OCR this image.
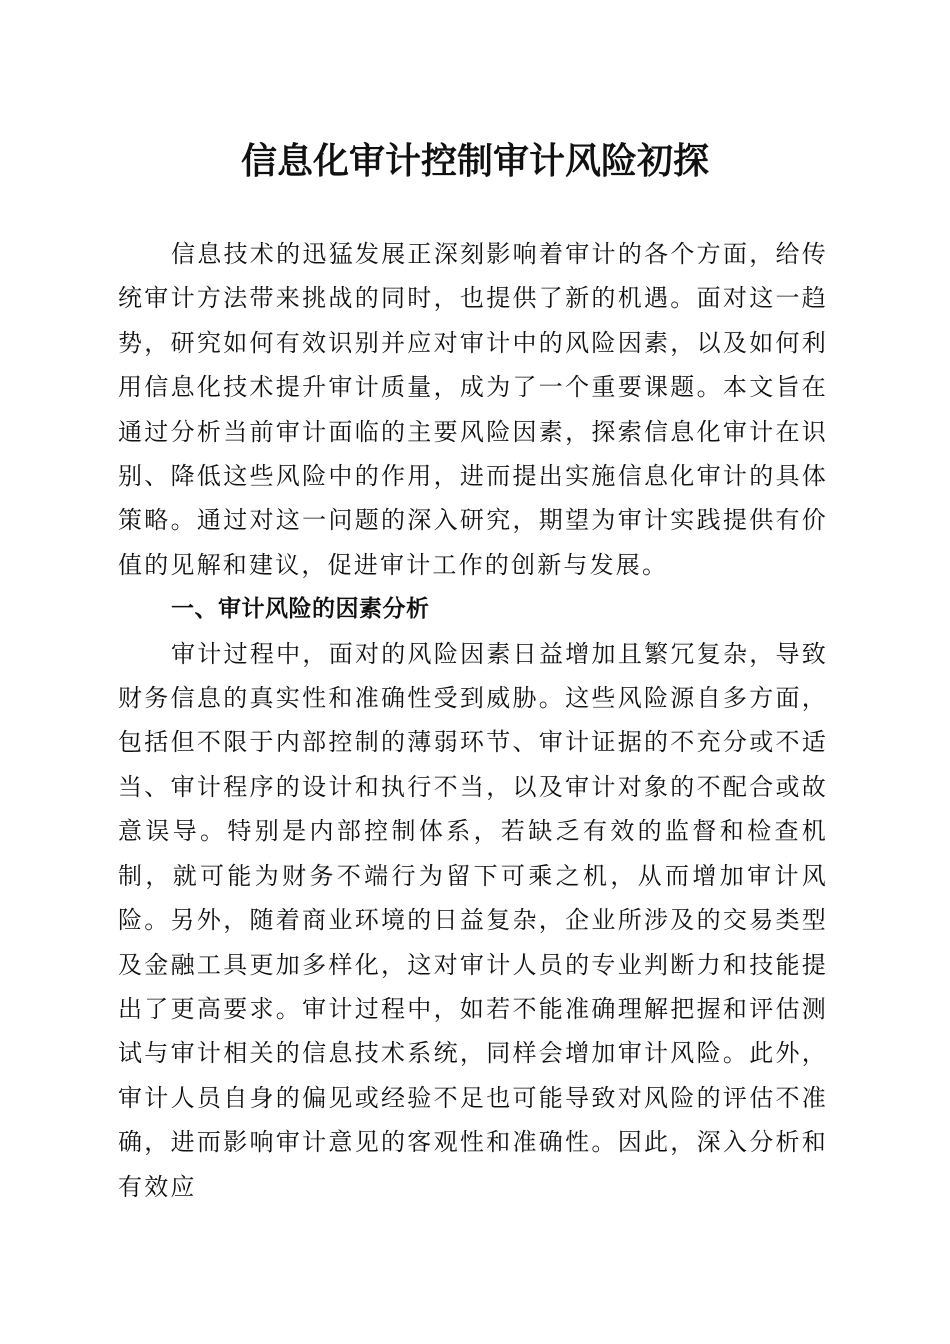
信息化审计控制审计风险初探

信息技术的迅猛发展正深刻影响着审计的各个方面，给传统审计方法带来挑战的同时，也提供了新的机遇。面对这一趋势，研究如何有效识别并应对审计中的风险因素，以及如何利用信息化技术提升审计质量，成为了一个重要课题。本文旨在通过分析当前审计面临的主要风险因素，探索信息化审计在识别、降低这些风险中的作用，进而提出实施信息化审计的具体策略。通过对这一问题的深入研究，期望为审计实践提供有价值的见解和建议，促进审计工作的创新与发展。

一、审计风险的因素分析

审计过程中，面对的风险因素日益增加且繁冗复杂，导致财务信息的真实性和准确性受到威胁。这些风险源自多方面，包括但不限于内部控制的薄弱环节、审计证据的不充分或不适当、审计程序的设计和执行不当，以及审计对象的不配合或故意误导。特别是内部控制体系，若缺乏有效的监督和检查机制，就可能为财务不端行为留下可乘之机，从而增加审计风险。另外，随着商业环境的日益复杂，企业所涉及的交易类型及金融工具更加多样化，这对审计人员的专业判断力和技能提出了更高要求。审计过程中，如若不能准确理解把握和评估测试与审计相关的信息技术系统，同样会增加审计风险。此外，审计人员自身的偏见或经验不足也可能导致对风险的评估不准确，进而影响审计意见的客观性和准确性。因此，深入分析和有效应
